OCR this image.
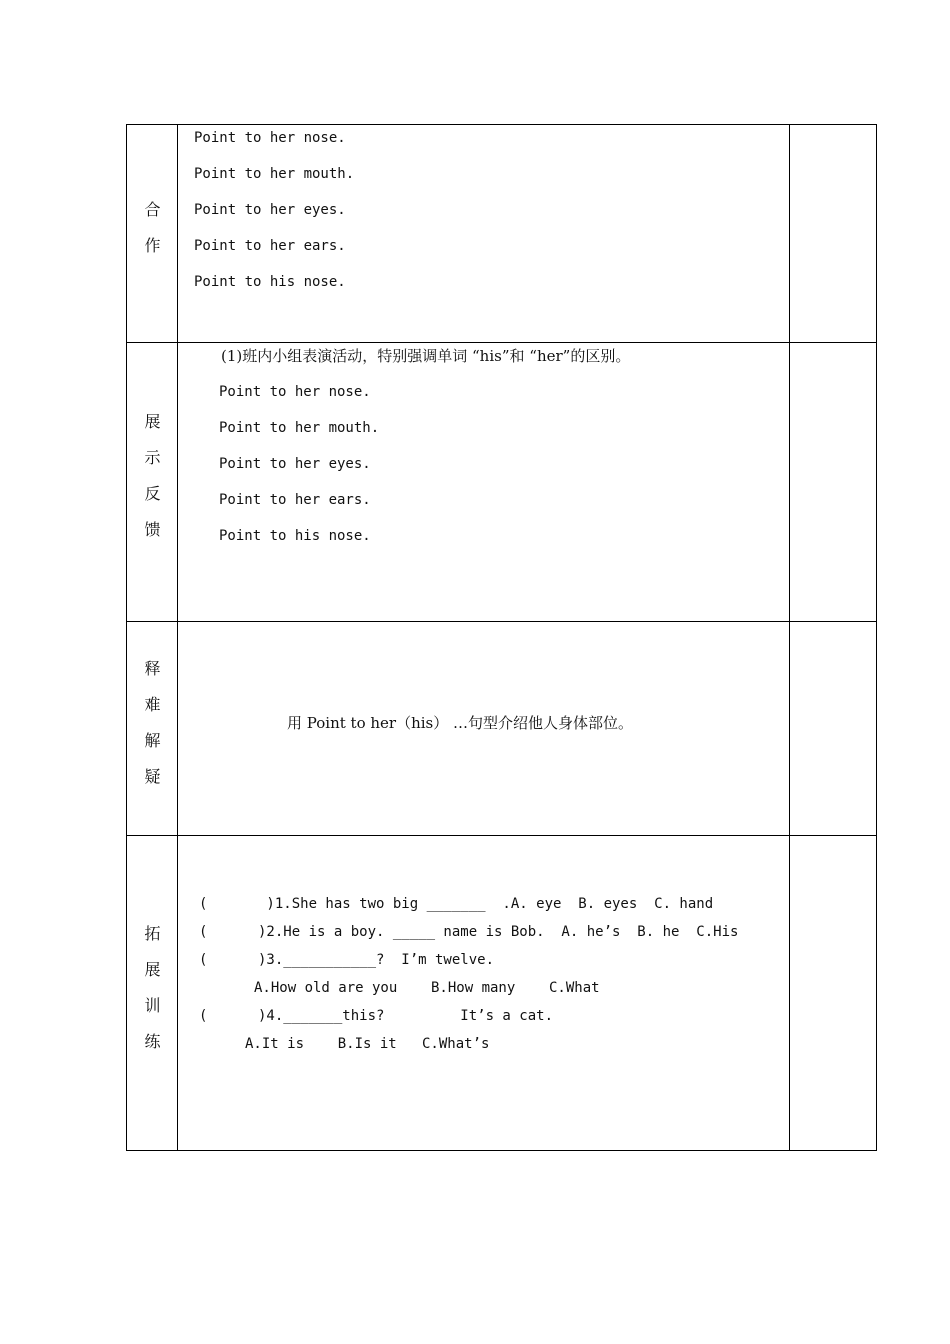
合
作
Point to her nose.
Point to her mouth.
Point to her eyes.
Point to her ears.
Point to his nose.
展
示
反
馈
(1)班内小组表演活动，特别强调单词 “his”和 “her”的区别。
Point to her nose.
Point to her mouth.
Point to her eyes.
Point to her ears.
Point to his nose.
释
难
解
疑
用 Point to her（his） …句型介绍他人身体部位。
拓
展
训
练
(       )1.She has two big _______  .A. eye  B. eyes  C. hand
(      )2.He is a boy. _____ name is Bob.  A. he’s  B. he  C.His
(      )3.___________?  I’m twelve.
A.How old are you    B.How many    C.What
(      )4._______this?         It’s a cat.
A.It is    B.Is it   C.What’s
